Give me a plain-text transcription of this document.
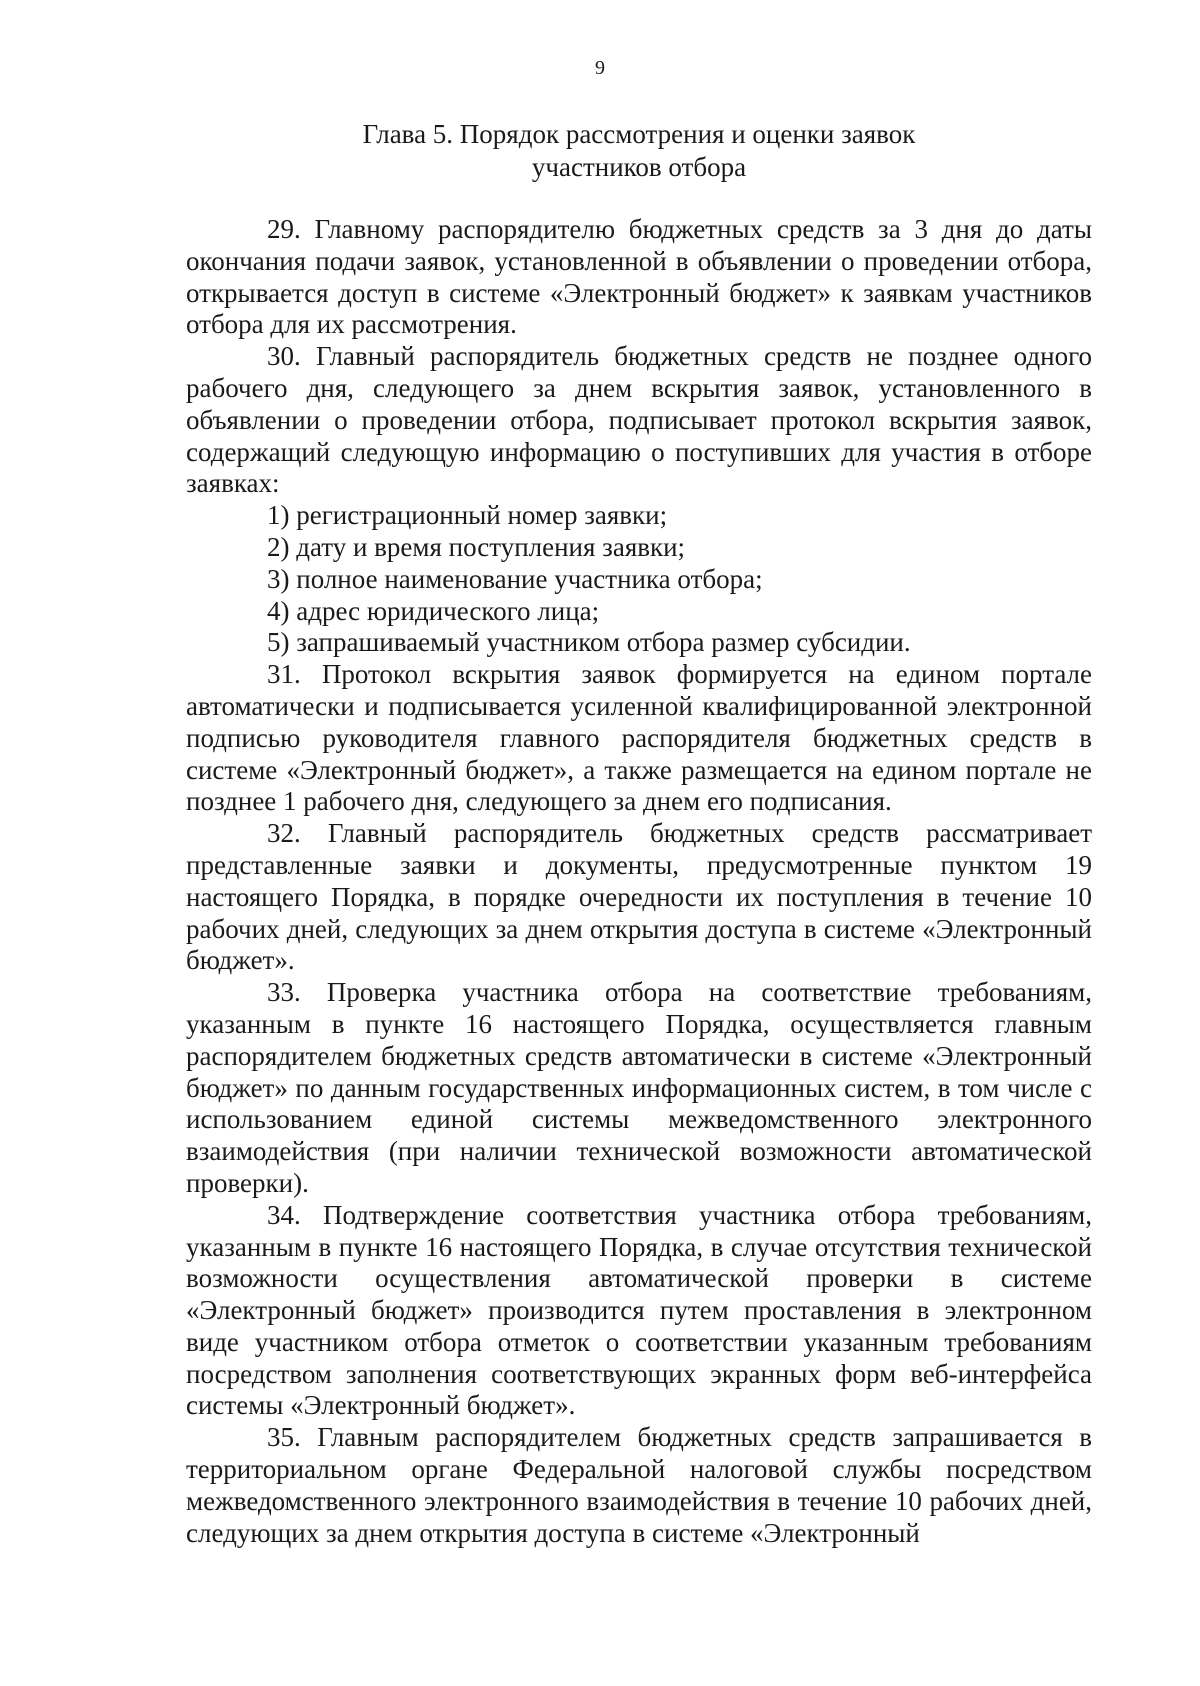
9
Глава 5. Порядок рассмотрения и оценки заявок
участников отбора

29. Главному распорядителю бюджетных средств за 3 дня до даты окончания подачи заявок, установленной в объявлении о проведении отбора, открывается доступ в системе «Электронный бюджет» к заявкам участников отбора для их рассмотрения.

30. Главный распорядитель бюджетных средств не позднее одного рабочего дня, следующего за днем вскрытия заявок, установленного в объявлении о проведении отбора, подписывает протокол вскрытия заявок, содержащий следующую информацию о поступивших для участия в отборе заявках:

1) регистрационный номер заявки;

2) дату и время поступления заявки;

3) полное наименование участника отбора;

4) адрес юридического лица;

5) запрашиваемый участником отбора размер субсидии.

31. Протокол вскрытия заявок формируется на едином портале автоматически и подписывается усиленной квалифицированной электронной подписью руководителя главного распорядителя бюджетных средств в системе «Электронный бюджет», а также размещается на едином портале не позднее 1 рабочего дня, следующего за днем его подписания.

32. Главный распорядитель бюджетных средств рассматривает представленные заявки и документы, предусмотренные пунктом 19 настоящего Порядка, в порядке очередности их поступления в течение 10 рабочих дней, следующих за днем открытия доступа в системе «Электронный бюджет».

33. Проверка участника отбора на соответствие требованиям, указанным в пункте 16 настоящего Порядка, осуществляется главным распорядителем бюджетных средств автоматически в системе «Электронный бюджет» по данным государственных информационных систем, в том числе с использованием единой системы межведомственного электронного взаимодействия (при наличии технической возможности автоматической проверки).

34. Подтверждение соответствия участника отбора требованиям, указанным в пункте 16 настоящего Порядка, в случае отсутствия технической возможности осуществления автоматической проверки в системе «Электронный бюджет» производится путем проставления в электронном виде участником отбора отметок о соответствии указанным требованиям посредством заполнения соответствующих экранных форм веб-интерфейса системы «Электронный бюджет».

35. Главным распорядителем бюджетных средств запрашивается в территориальном органе Федеральной налоговой службы посредством межведомственного электронного взаимодействия в течение 10 рабочих дней, следующих за днем открытия доступа в системе «Электронный
